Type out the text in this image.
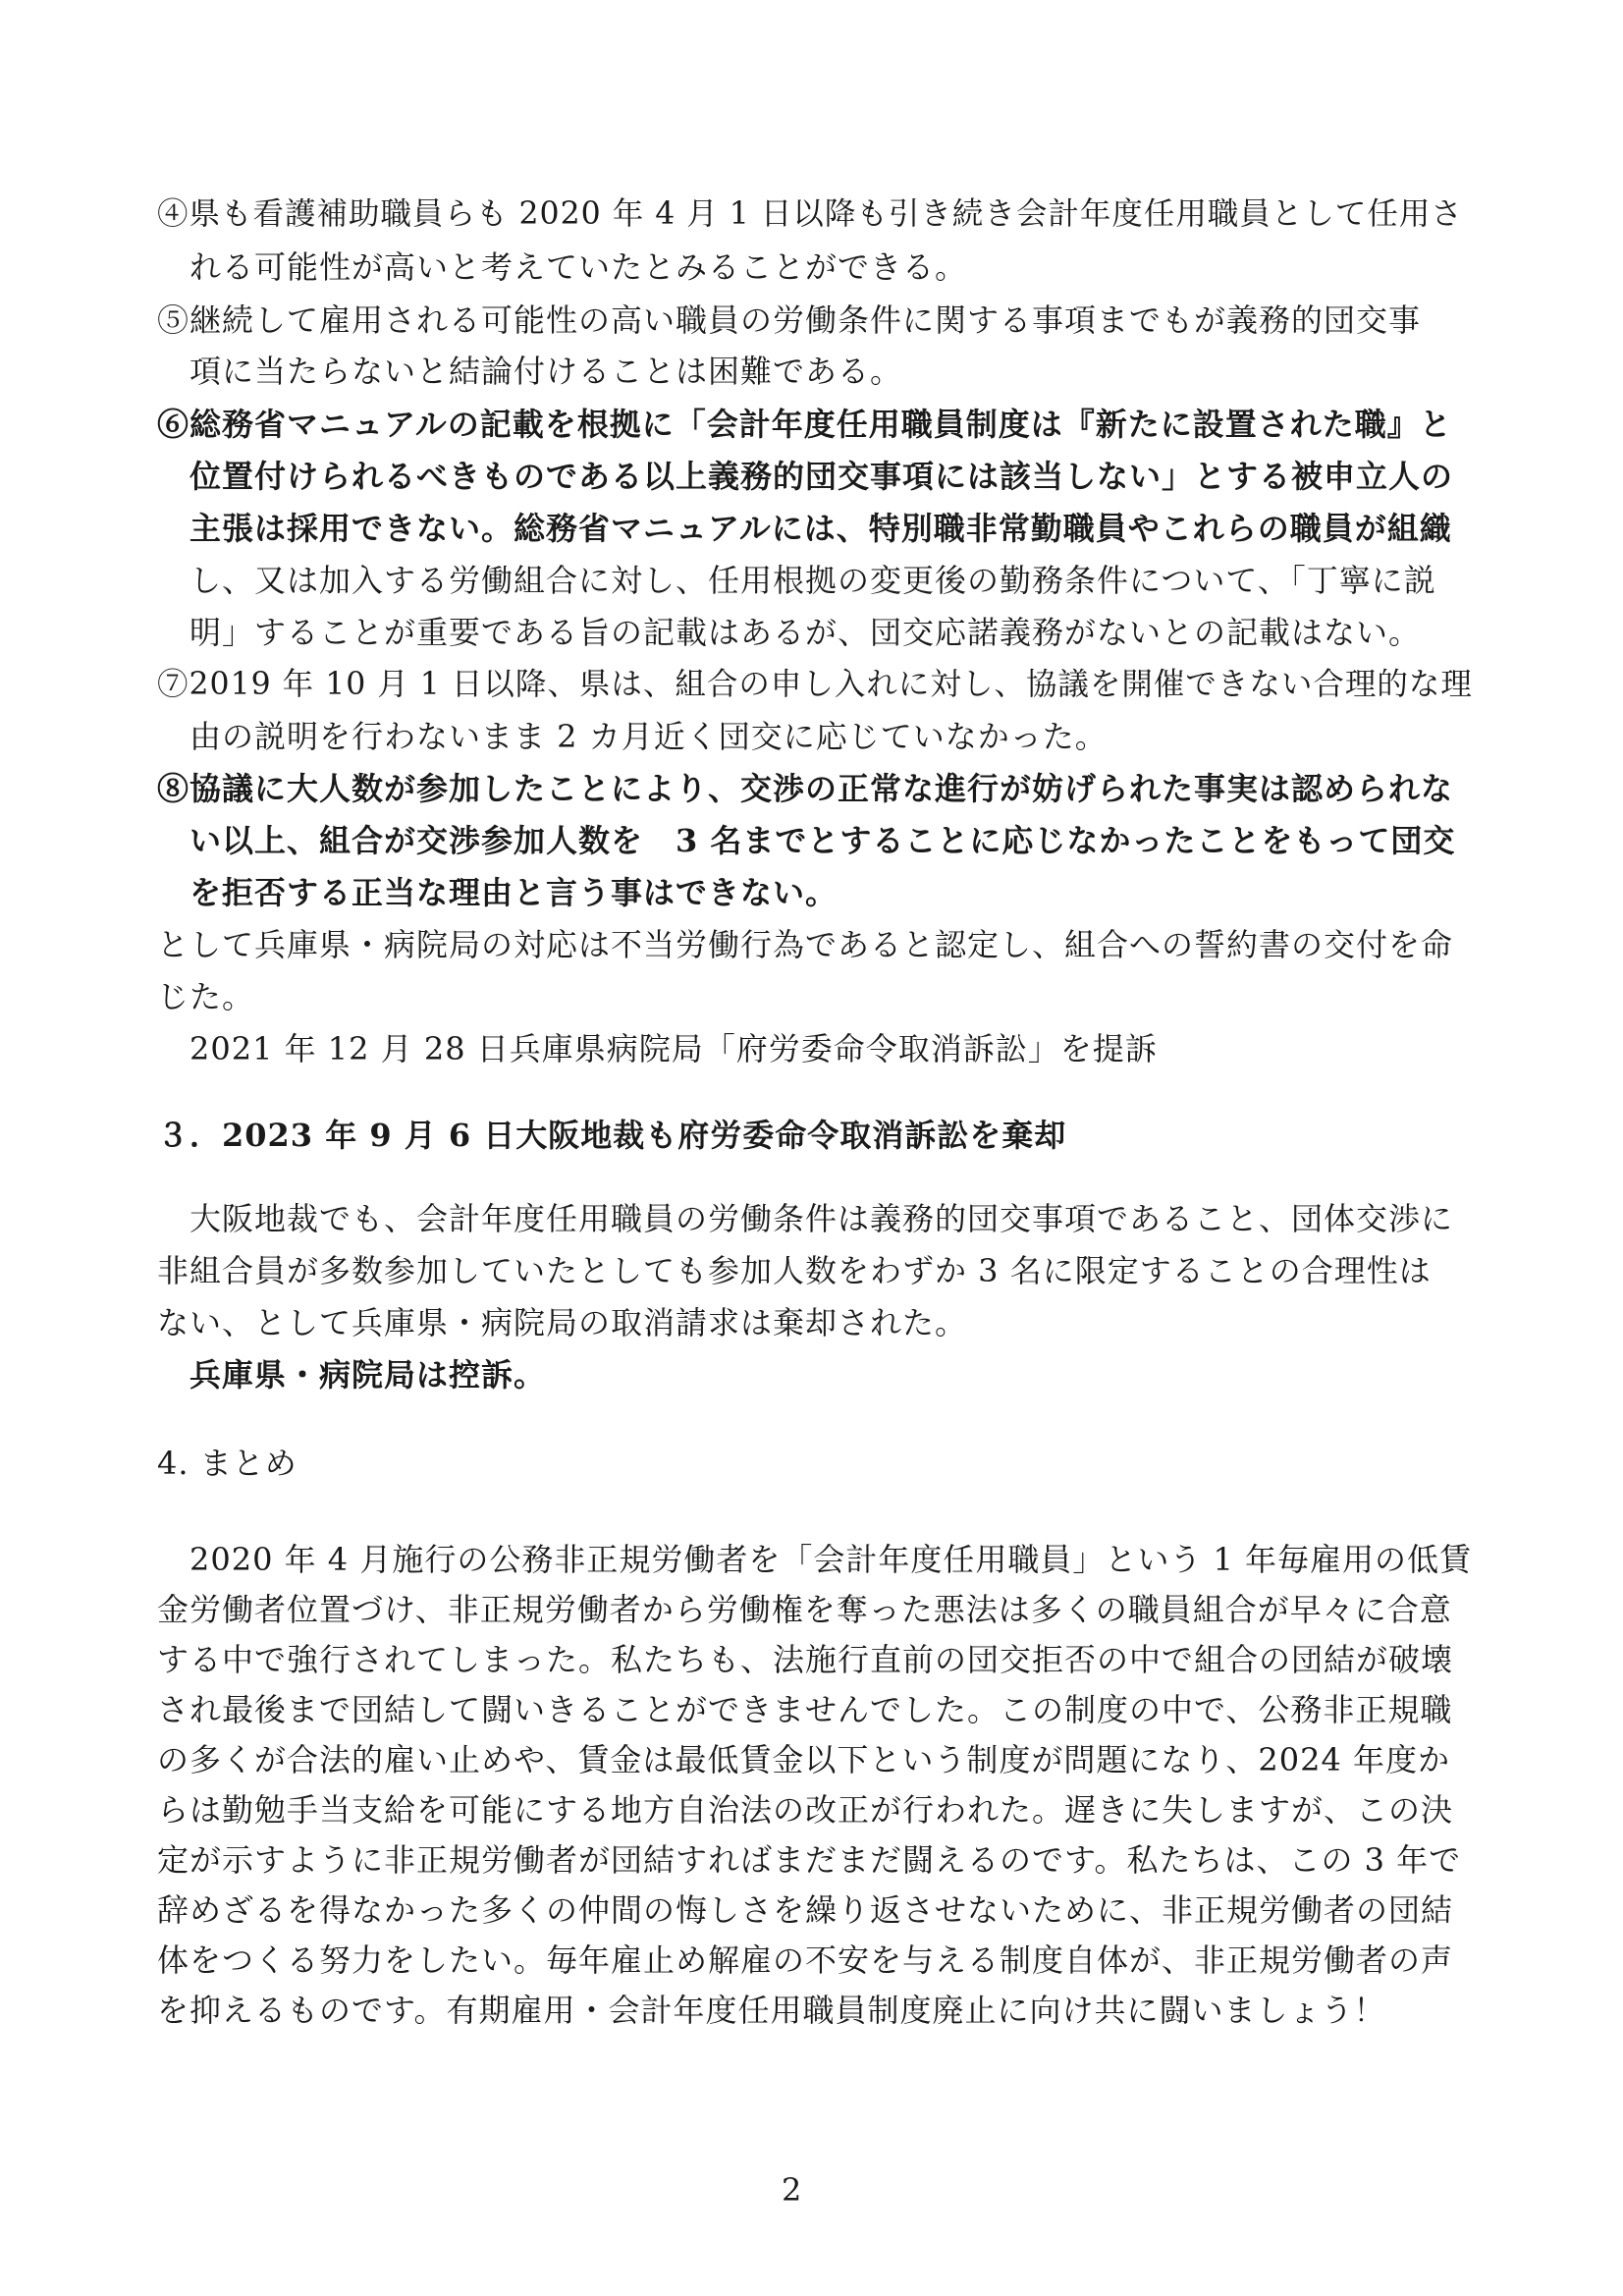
④県も看護補助職員らも 2020 年 4 月 1 日以降も引き続き会計年度任用職員として任用さ
れる可能性が高いと考えていたとみることができる。
⑤継続して雇用される可能性の高い職員の労働条件に関する事項までもが義務的団交事
項に当たらないと結論付けることは困難である。
⑥総務省マニュアルの記載を根拠に「会計年度任用職員制度は『新たに設置された職』と
位置付けられるべきものである以上義務的団交事項には該当しない」とする被申立人の
主張は採用できない。総務省マニュアルには、特別職非常勤職員やこれらの職員が組織
し、又は加入する労働組合に対し、任用根拠の変更後の勤務条件について、「丁寧に説
明」することが重要である旨の記載はあるが、団交応諾義務がないとの記載はない。
⑦2019 年 10 月 1 日以降、県は、組合の申し入れに対し、協議を開催できない合理的な理
由の説明を行わないまま 2 カ月近く団交に応じていなかった。
⑧協議に大人数が参加したことにより、交渉の正常な進行が妨げられた事実は認められな
い以上、組合が交渉参加人数を　3 名までとすることに応じなかったことをもって団交
を拒否する正当な理由と言う事はできない。
として兵庫県・病院局の対応は不当労働行為であると認定し、組合への誓約書の交付を命
じた。
2021 年 12 月 28 日兵庫県病院局「府労委命令取消訴訟」を提訴
３．2023 年 9 月 6 日大阪地裁も府労委命令取消訴訟を棄却
大阪地裁でも、会計年度任用職員の労働条件は義務的団交事項であること、団体交渉に
非組合員が多数参加していたとしても参加人数をわずか 3 名に限定することの合理性は
ない、として兵庫県・病院局の取消請求は棄却された。
兵庫県・病院局は控訴。
4. まとめ
2020 年 4 月施行の公務非正規労働者を「会計年度任用職員」という 1 年毎雇用の低賃
金労働者位置づけ、非正規労働者から労働権を奪った悪法は多くの職員組合が早々に合意
する中で強行されてしまった。私たちも、法施行直前の団交拒否の中で組合の団結が破壊
され最後まで団結して闘いきることができませんでした。この制度の中で、公務非正規職
の多くが合法的雇い止めや、賃金は最低賃金以下という制度が問題になり、2024 年度か
らは勤勉手当支給を可能にする地方自治法の改正が行われた。遅きに失しますが、この決
定が示すように非正規労働者が団結すればまだまだ闘えるのです。私たちは、この 3 年で
辞めざるを得なかった多くの仲間の悔しさを繰り返させないために、非正規労働者の団結
体をつくる努力をしたい。毎年雇止め解雇の不安を与える制度自体が、非正規労働者の声
を抑えるものです。有期雇用・会計年度任用職員制度廃止に向け共に闘いましょう！
2
